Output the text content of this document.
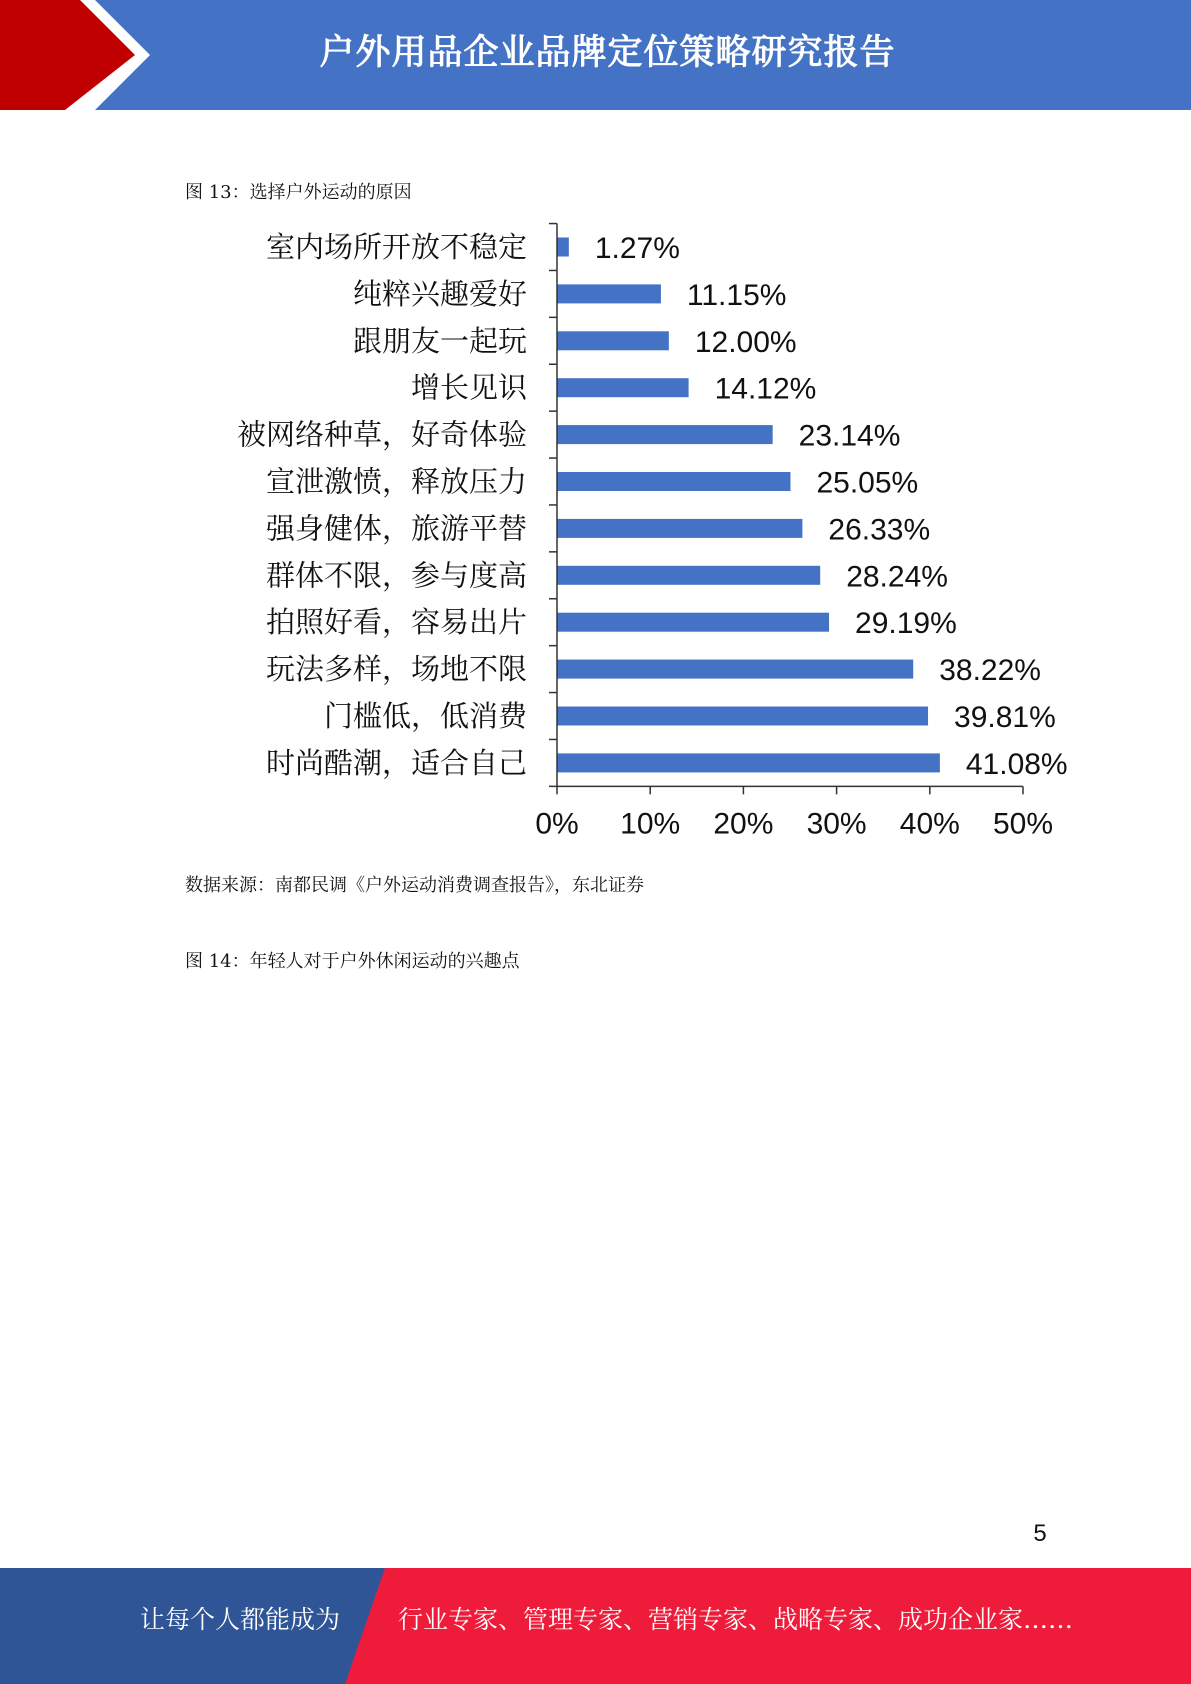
户外用品企业品牌定位策略研究报告
图 13：选择户外运动的原因
室内场所开放不稳定
纯粹兴趣爱好
跟朋友一起玩
增长见识
被网络种草，好奇体验
宣泄激愤，释放压力
强身健体，旅游平替
群体不限，参与度高
拍照好看，容易出片
玩法多样，场地不限
门槛低，低消费
时尚酷潮，适合自己
1.27%
11.15%
12.00%
14.12%
23.14%
25.05%
26.33%
28.24%
29.19%
38.22%
39.81%
41.08%
0% 10% 20% 30% 40% 50%
数据来源：南都民调《户外运动消费调查报告》，东北证券
图 14：年轻人对于户外休闲运动的兴趣点
5
让每个人都能成为 行业专家、管理专家、营销专家、战略专家、成功企业家……
